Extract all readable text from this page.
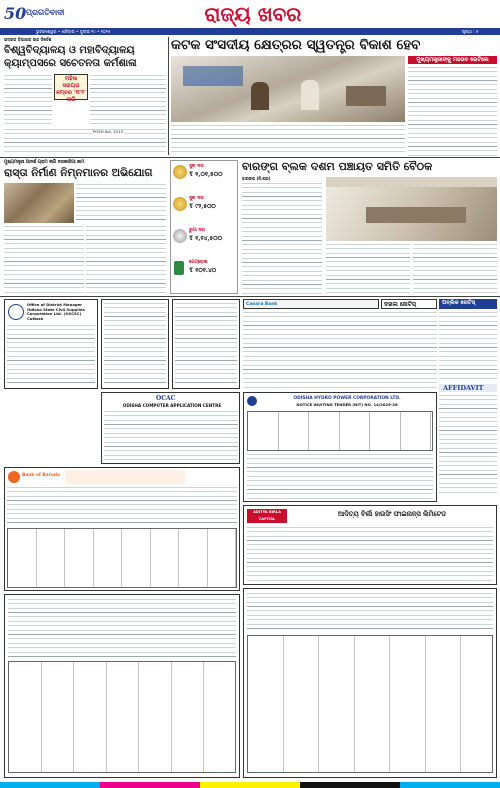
50 ପ୍ରଗତିବାଦୀ	ରାଜ୍ୟ ଖବର
ଭୁବନେଶ୍ୱର • ଶନିବାର • ଜୁଲାଇ ୧୯ • ୨୦୨୫	ପୃଷ୍ଠା : ୫
ଭଦ୍ରକ ବିଭାଗର ଉଚ୍ଚ ନିର୍ଦ୍ଦେଶ
ବିଶ୍ୱବିଦ୍ୟାଳୟ ଓ ମହାବିଦ୍ୟାଳୟ କ୍ୟାମ୍ପସରେ ସଚେତନତା କର୍ମଶାଳା
ମହିଳା ସହାୟତା ନମ୍ବର '୧୮୧' ଲାଗି
POSH Act, 2013
କଟକ ସଂସଦୀୟ କ୍ଷେତ୍ରର ସ୍ୱତନ୍ତ୍ର ବିକାଶ ହେବ
ମୁଖ୍ୟମନ୍ତ୍ରୀଙ୍କୁ ମହତାବ ଭେଟିଲେ
ମୁଖ୍ୟମନ୍ତ୍ରୀ ଆଦର୍ଶ ଗ୍ରାମ ଲାଗି ଦରକାରିଆ କାମ
ରାସ୍ତା ନିର୍ମାଣ ନିମ୍ନମାନର ଅଭିଯୋଗ
ସୁନା ଦର
₹ ୧,୦୧,୫୦୦
ସୁନା ଦର
₹ ୯୨,୫୦୦
ରୁପା ଦର
₹ ୧,୧୪,୫୦୦
ପେଟ୍ରୋଲ
₹ ୧୦୧.୪୦
ବାରଙ୍ଗ ବ୍ଲକ ଦଶମ ପଞ୍ଚାୟତ ସମିତି ବୈଠକ
ବାରଙ୍ଗ (ନି.ପ୍ର)
Office of District Manager
Odisha State Civil Supplies
Corporation Ltd. (OSCSC)
Cuttack
Canara Bank	ଦଖଲ ନୋଟିସ୍	ପବ୍ଲିକ ନୋଟିସ୍
OCAC
ODISHA COMPUTER APPLICATION CENTRE
ODISHA HYDRO POWER CORPORATION LTD.
NOTICE INVITING TENDER (NIT) NO. 14/2025-26
AFFIDAVIT
Bank of Baroda
ADITYA BIRLA CAPITAL
ଆଦିତ୍ୟ ବିର୍ଲା ହାଉସିଂ ଫାଇନାନ୍ସ ଲିମିଟେଡ
